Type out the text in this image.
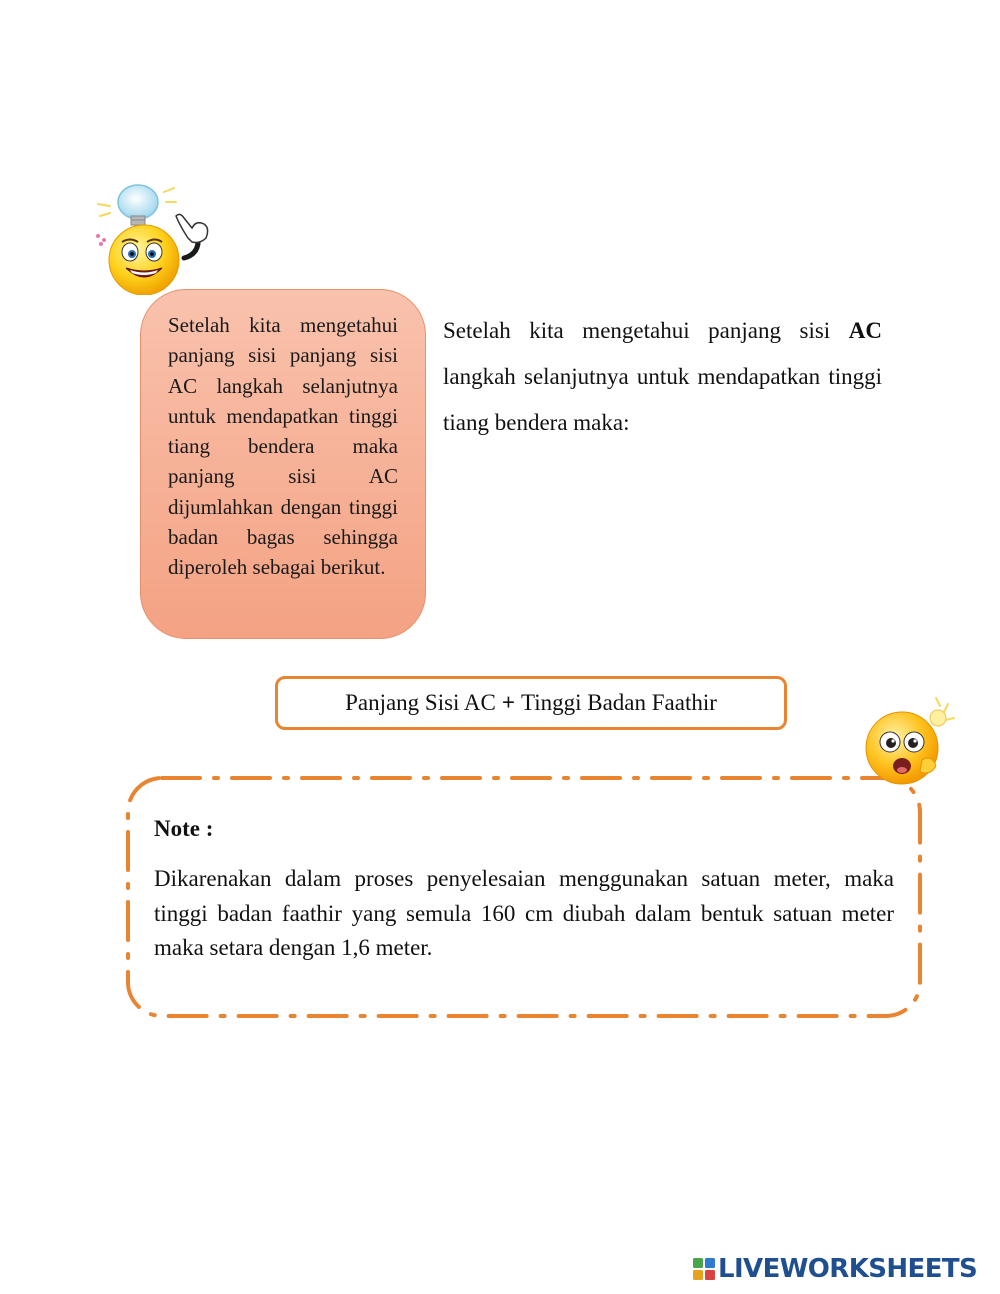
Setelah kita mengetahui panjang sisi panjang sisi AC langkah selanjutnya untuk mendapatkan tinggi tiang bendera maka panjang sisi AC dijumlahkan dengan tinggi badan bagas sehingga diperoleh sebagai berikut.
Setelah kita mengetahui panjang sisi AC langkah selanjutnya untuk mendapatkan tinggi tiang bendera maka:
Panjang Sisi AC + Tinggi Badan Faathir
Note :
Dikarenakan dalam proses penyelesaian menggunakan satuan meter, maka tinggi badan faathir yang semula 160 cm diubah dalam bentuk satuan meter maka setara dengan 1,6 meter.
LIVEWORKSHEETS
